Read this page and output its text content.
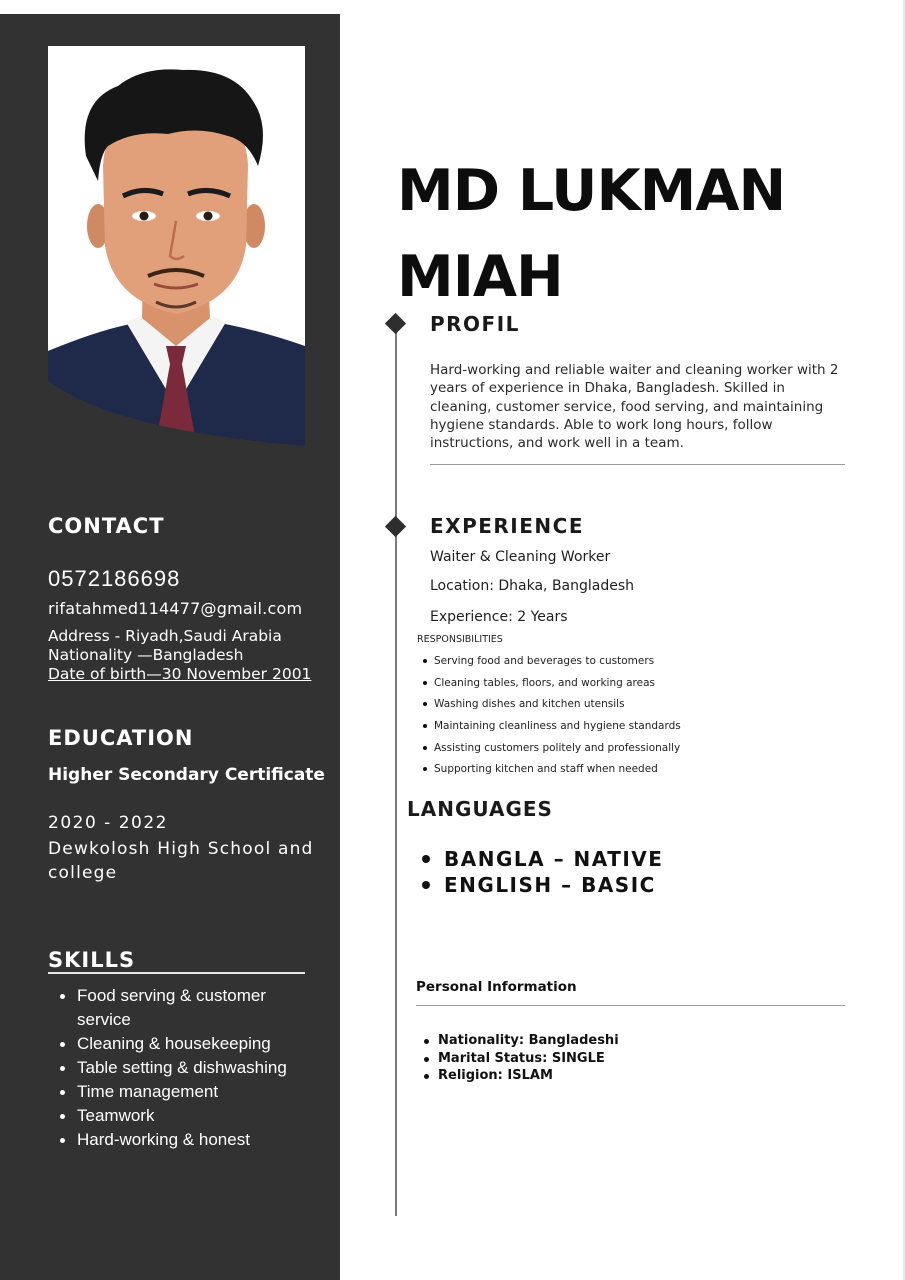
CONTACT
0572186698
rifatahmed114477@gmail.com
Address - Riyadh,Saudi Arabia
Nationality —Bangladesh
Date of birth—30 November 2001
EDUCATION
Higher Secondary Certificate
2020 - 2022
Dewkolosh High School and college
SKILLS
Food serving & customer service
Cleaning & housekeeping
Table setting & dishwashing
Time management
Teamwork
Hard-working & honest
MD LUKMAN
MIAH
PROFIL
Hard-working and reliable waiter and cleaning worker with 2 years of experience in Dhaka, Bangladesh. Skilled in cleaning, customer service, food serving, and maintaining hygiene standards. Able to work long hours, follow instructions, and work well in a team.
EXPERIENCE
Waiter & Cleaning Worker
Location: Dhaka, Bangladesh
Experience: 2 Years
RESPONSIBILITIES
Serving food and beverages to customers
Cleaning tables, floors, and working areas
Washing dishes and kitchen utensils
Maintaining cleanliness and hygiene standards
Assisting customers politely and professionally
Supporting kitchen and staff when needed
LANGUAGES
BANGLA – NATIVE
ENGLISH – BASIC
Personal Information
Nationality: Bangladeshi
Marital Status: SINGLE
Religion: ISLAM
